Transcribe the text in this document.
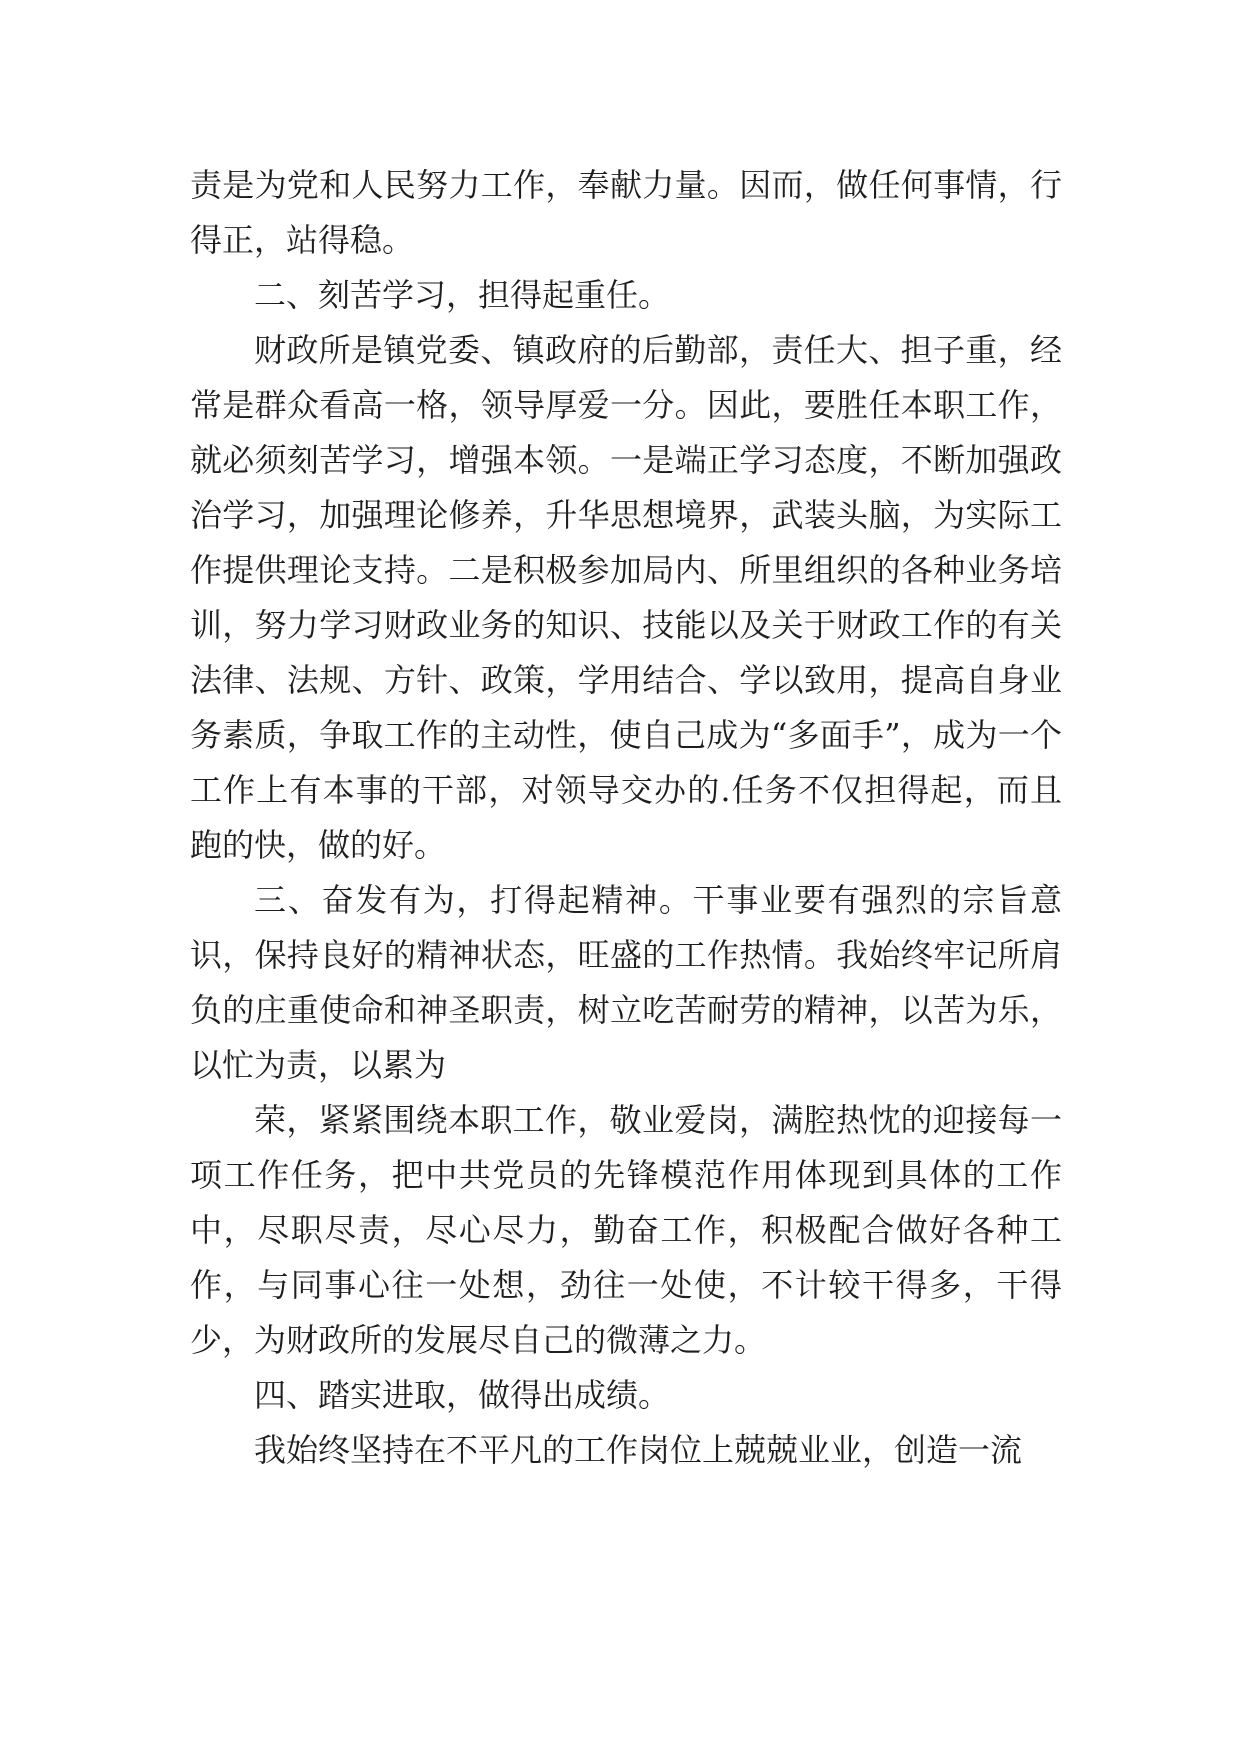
责是为党和人民努力工作，奉献力量。因而，做任何事情，行得正，站得稳。

二、刻苦学习，担得起重任。

财政所是镇党委、镇政府的后勤部，责任大、担子重，经常是群众看高一格，领导厚爱一分。因此，要胜任本职工作，就必须刻苦学习，增强本领。一是端正学习态度，不断加强政治学习，加强理论修养，升华思想境界，武装头脑，为实际工作提供理论支持。二是积极参加局内、所里组织的各种业务培训，努力学习财政业务的知识、技能以及关于财政工作的有关法律、法规、方针、政策，学用结合、学以致用，提高自身业务素质，争取工作的主动性，使自己成为“多面手”，成为一个工作上有本事的干部，对领导交办的.任务不仅担得起，而且跑的快，做的好。

三、奋发有为，打得起精神。干事业要有强烈的宗旨意识，保持良好的精神状态，旺盛的工作热情。我始终牢记所肩负的庄重使命和神圣职责，树立吃苦耐劳的精神，以苦为乐，以忙为责，以累为

荣，紧紧围绕本职工作，敬业爱岗，满腔热忱的迎接每一项工作任务，把中共党员的先锋模范作用体现到具体的工作中，尽职尽责，尽心尽力，勤奋工作，积极配合做好各种工作，与同事心往一处想，劲往一处使，不计较干得多，干得少，为财政所的发展尽自己的微薄之力。

四、踏实进取，做得出成绩。

我始终坚持在不平凡的工作岗位上兢兢业业，创造一流
